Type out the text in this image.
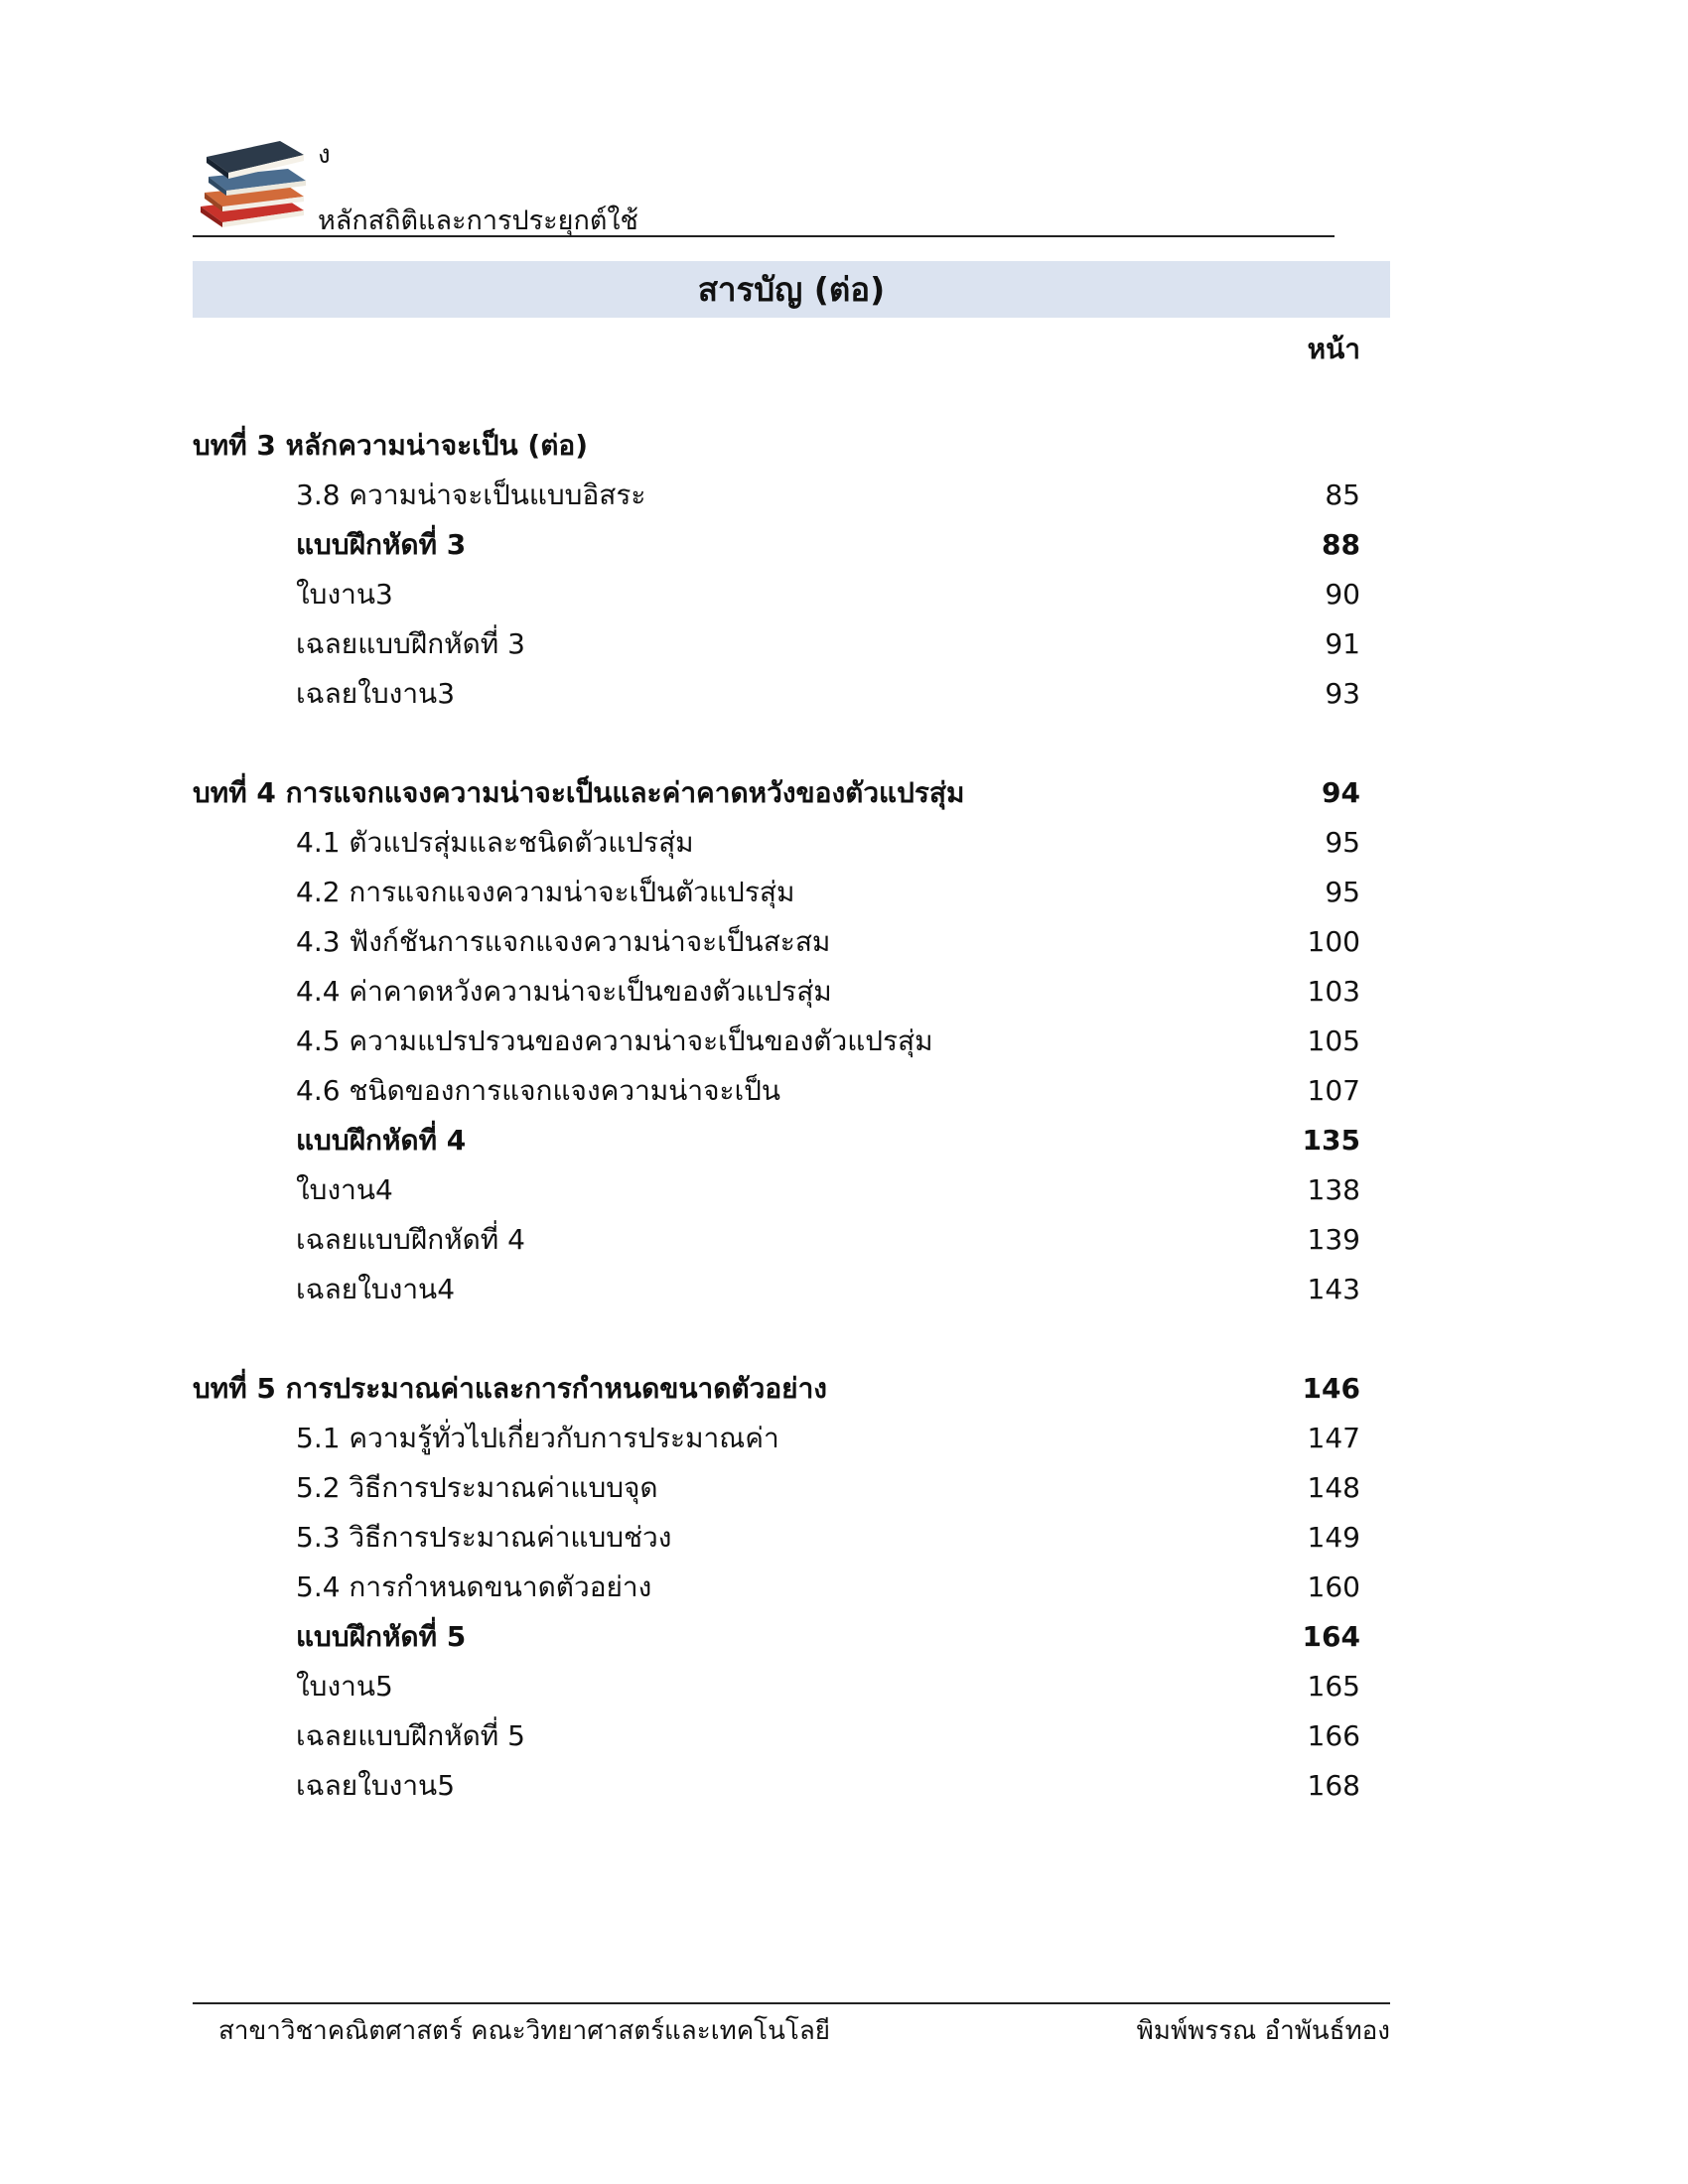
ง
หลักสถิติและการประยุกต์ใช้
สารบัญ (ต่อ)
หน้า
บทที่ 3 หลักความน่าจะเป็น (ต่อ)
3.8 ความน่าจะเป็นแบบอิสระ	85
แบบฝึกหัดที่ 3	88
ใบงาน3	90
เฉลยแบบฝึกหัดที่ 3	91
เฉลยใบงาน3	93
บทที่ 4 การแจกแจงความน่าจะเป็นและค่าคาดหวังของตัวแปรสุ่ม	94
4.1 ตัวแปรสุ่มและชนิดตัวแปรสุ่ม	95
4.2 การแจกแจงความน่าจะเป็นตัวแปรสุ่ม	95
4.3 ฟังก์ชันการแจกแจงความน่าจะเป็นสะสม	100
4.4 ค่าคาดหวังความน่าจะเป็นของตัวแปรสุ่ม	103
4.5 ความแปรปรวนของความน่าจะเป็นของตัวแปรสุ่ม	105
4.6 ชนิดของการแจกแจงความน่าจะเป็น	107
แบบฝึกหัดที่ 4	135
ใบงาน4	138
เฉลยแบบฝึกหัดที่ 4	139
เฉลยใบงาน4	143
บทที่ 5 การประมาณค่าและการกำหนดขนาดตัวอย่าง	146
5.1 ความรู้ทั่วไปเกี่ยวกับการประมาณค่า	147
5.2 วิธีการประมาณค่าแบบจุด	148
5.3 วิธีการประมาณค่าแบบช่วง	149
5.4 การกำหนดขนาดตัวอย่าง	160
แบบฝึกหัดที่ 5	164
ใบงาน5	165
เฉลยแบบฝึกหัดที่ 5	166
เฉลยใบงาน5	168
สาขาวิชาคณิตศาสตร์ คณะวิทยาศาสตร์และเทคโนโลยี	พิมพ์พรรณ อำพันธ์ทอง
